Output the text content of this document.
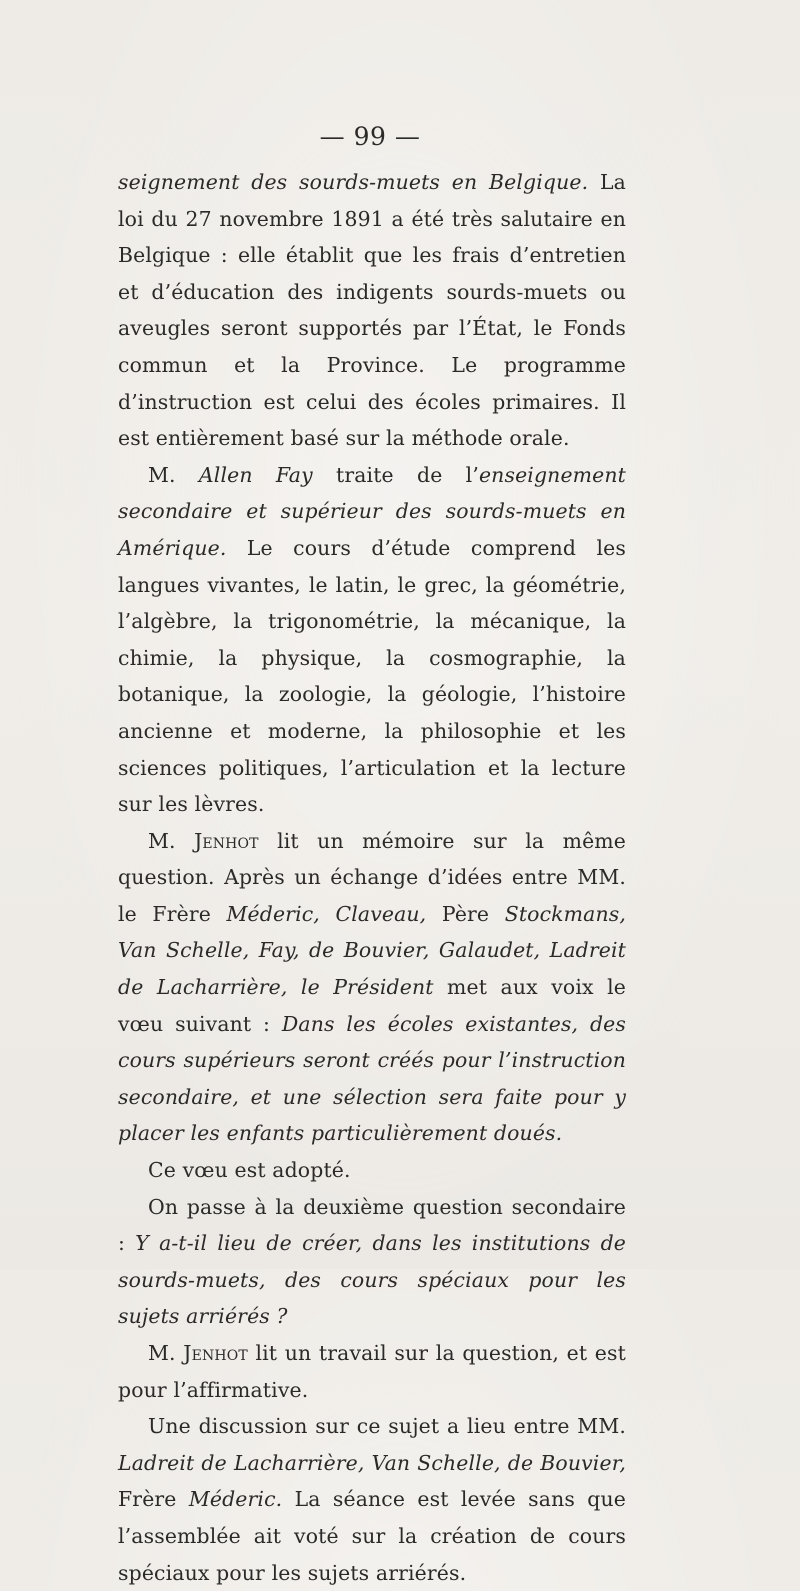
— 99 —

seignement des sourds-muets en Belgique. La loi du 27 novembre 1891 a été très salutaire en Belgique : elle établit que les frais d’entretien et d’éducation des indigents sourds-muets ou aveugles seront supportés par l’État, le Fonds commun et la Province. Le programme d’instruction est celui des écoles primaires. Il est entièrement basé sur la méthode orale.

M. Allen Fay traite de l’enseignement secondaire et supérieur des sourds-muets en Amérique. Le cours d’étude comprend les langues vivantes, le latin, le grec, la géométrie, l’algèbre, la trigonométrie, la mécanique, la chimie, la physique, la cosmographie, la botanique, la zoologie, la géologie, l’histoire ancienne et moderne, la philosophie et les sciences politiques, l’articulation et la lecture sur les lèvres.

M. Jenhot lit un mémoire sur la même question. Après un échange d’idées entre MM. le Frère Méderic, Claveau, Père Stockmans, Van Schelle, Fay, de Bouvier, Galaudet, Ladreit de Lacharrière, le Président met aux voix le vœu suivant : Dans les écoles existantes, des cours supérieurs seront créés pour l’instruction secondaire, et une sélection sera faite pour y placer les enfants particulièrement doués.

Ce vœu est adopté.

On passe à la deuxième question secondaire : Y a-t-il lieu de créer, dans les institutions de sourds-muets, des cours spéciaux pour les sujets arriérés ?

M. Jenhot lit un travail sur la question, et est pour l’affirmative.

Une discussion sur ce sujet a lieu entre MM. Ladreit de Lacharrière, Van Schelle, de Bouvier, Frère Méderic. La séance est levée sans que l’assemblée ait voté sur la création de cours spéciaux pour les sujets arriérés.
